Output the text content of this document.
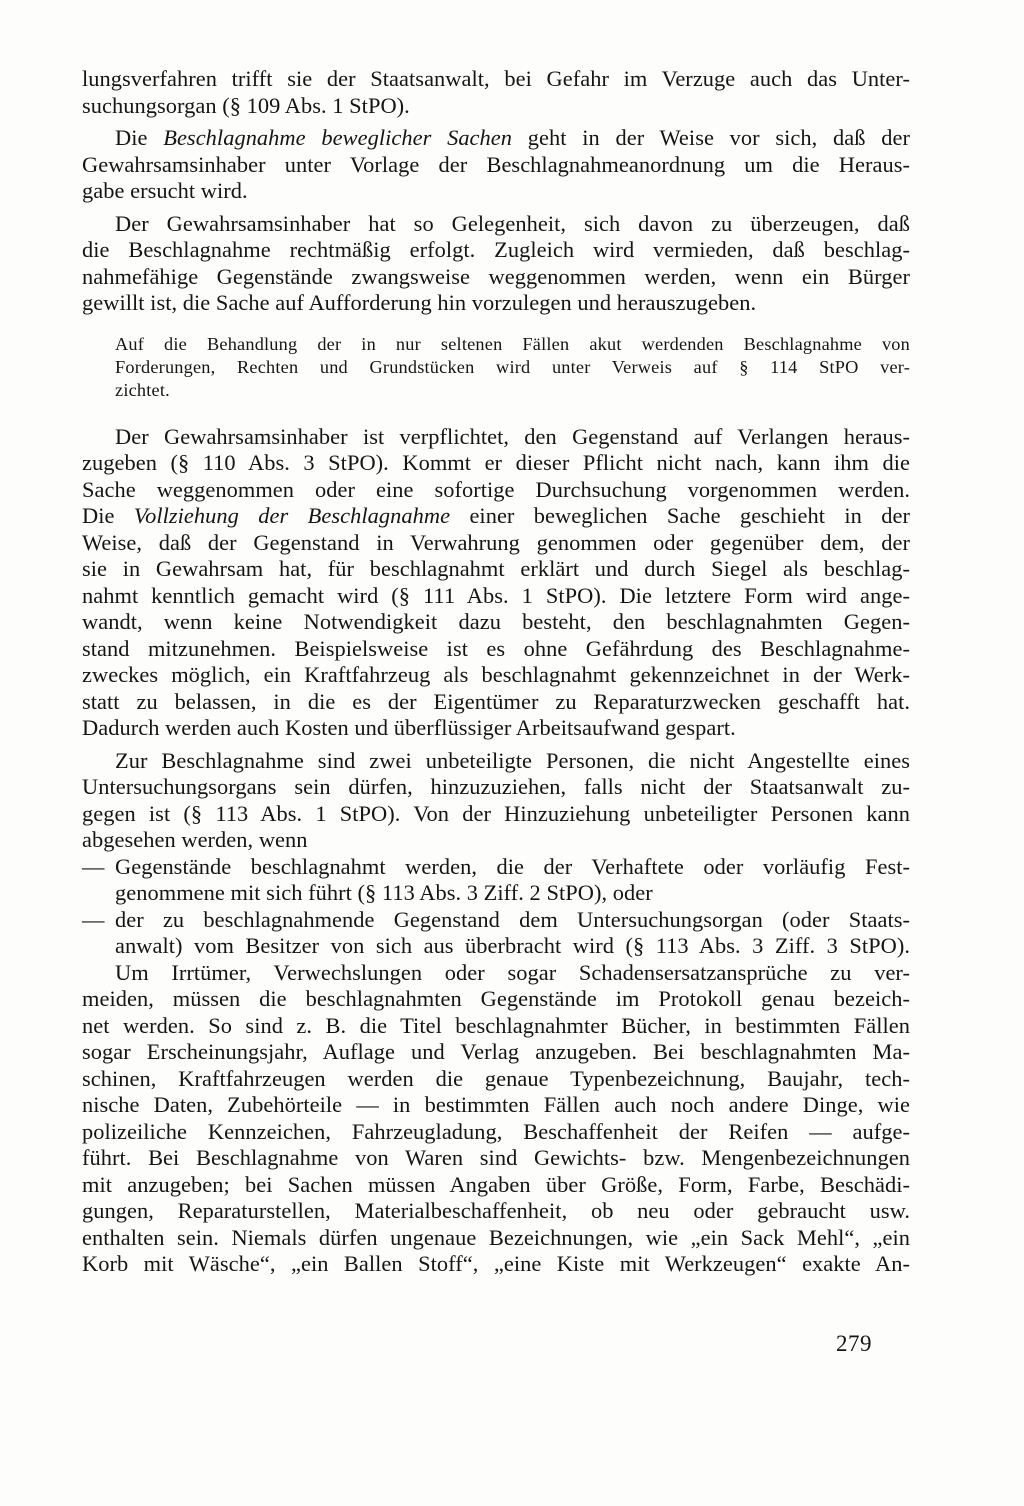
lungsverfahren trifft sie der Staatsanwalt, bei Gefahr im Verzuge auch das Unter-
suchungsorgan (§ 109 Abs. 1 StPO).
Die Beschlagnahme beweglicher Sachen geht in der Weise vor sich, daß der
Gewahrsamsinhaber unter Vorlage der Beschlagnahmeanordnung um die Heraus-
gabe ersucht wird.
Der Gewahrsamsinhaber hat so Gelegenheit, sich davon zu überzeugen, daß
die Beschlagnahme rechtmäßig erfolgt. Zugleich wird vermieden, daß beschlag-
nahmefähige Gegenstände zwangsweise weggenommen werden, wenn ein Bürger
gewillt ist, die Sache auf Aufforderung hin vorzulegen und herauszugeben.
Auf die Behandlung der in nur seltenen Fällen akut werdenden Beschlagnahme von
Forderungen, Rechten und Grundstücken wird unter Verweis auf § 114 StPO ver-
zichtet.
Der Gewahrsamsinhaber ist verpflichtet, den Gegenstand auf Verlangen heraus-
zugeben (§ 110 Abs. 3 StPO). Kommt er dieser Pflicht nicht nach, kann ihm die
Sache weggenommen oder eine sofortige Durchsuchung vorgenommen werden.
Die Vollziehung der Beschlagnahme einer beweglichen Sache geschieht in der
Weise, daß der Gegenstand in Verwahrung genommen oder gegenüber dem, der
sie in Gewahrsam hat, für beschlagnahmt erklärt und durch Siegel als beschlag-
nahmt kenntlich gemacht wird (§ 111 Abs. 1 StPO). Die letztere Form wird ange-
wandt, wenn keine Notwendigkeit dazu besteht, den beschlagnahmten Gegen-
stand mitzunehmen. Beispielsweise ist es ohne Gefährdung des Beschlagnahme-
zweckes möglich, ein Kraftfahrzeug als beschlagnahmt gekennzeichnet in der Werk-
statt zu belassen, in die es der Eigentümer zu Reparaturzwecken geschafft hat.
Dadurch werden auch Kosten und überflüssiger Arbeitsaufwand gespart.
Zur Beschlagnahme sind zwei unbeteiligte Personen, die nicht Angestellte eines
Untersuchungsorgans sein dürfen, hinzuzuziehen, falls nicht der Staatsanwalt zu-
gegen ist (§ 113 Abs. 1 StPO). Von der Hinzuziehung unbeteiligter Personen kann
abgesehen werden, wenn
— Gegenstände beschlagnahmt werden, die der Verhaftete oder vorläufig Fest-
genommene mit sich führt (§ 113 Abs. 3 Ziff. 2 StPO), oder
— der zu beschlagnahmende Gegenstand dem Untersuchungsorgan (oder Staats-
anwalt) vom Besitzer von sich aus überbracht wird (§ 113 Abs. 3 Ziff. 3 StPO).
Um Irrtümer, Verwechslungen oder sogar Schadensersatzansprüche zu ver-
meiden, müssen die beschlagnahmten Gegenstände im Protokoll genau bezeich-
net werden. So sind z. B. die Titel beschlagnahmter Bücher, in bestimmten Fällen
sogar Erscheinungsjahr, Auflage und Verlag anzugeben. Bei beschlagnahmten Ma-
schinen, Kraftfahrzeugen werden die genaue Typenbezeichnung, Baujahr, tech-
nische Daten, Zubehörteile — in bestimmten Fällen auch noch andere Dinge, wie
polizeiliche Kennzeichen, Fahrzeugladung, Beschaffenheit der Reifen — aufge-
führt. Bei Beschlagnahme von Waren sind Gewichts- bzw. Mengenbezeichnungen
mit anzugeben; bei Sachen müssen Angaben über Größe, Form, Farbe, Beschädi-
gungen, Reparaturstellen, Materialbeschaffenheit, ob neu oder gebraucht usw.
enthalten sein. Niemals dürfen ungenaue Bezeichnungen, wie „ein Sack Mehl“, „ein
Korb mit Wäsche“, „ein Ballen Stoff“, „eine Kiste mit Werkzeugen“ exakte An-
279
